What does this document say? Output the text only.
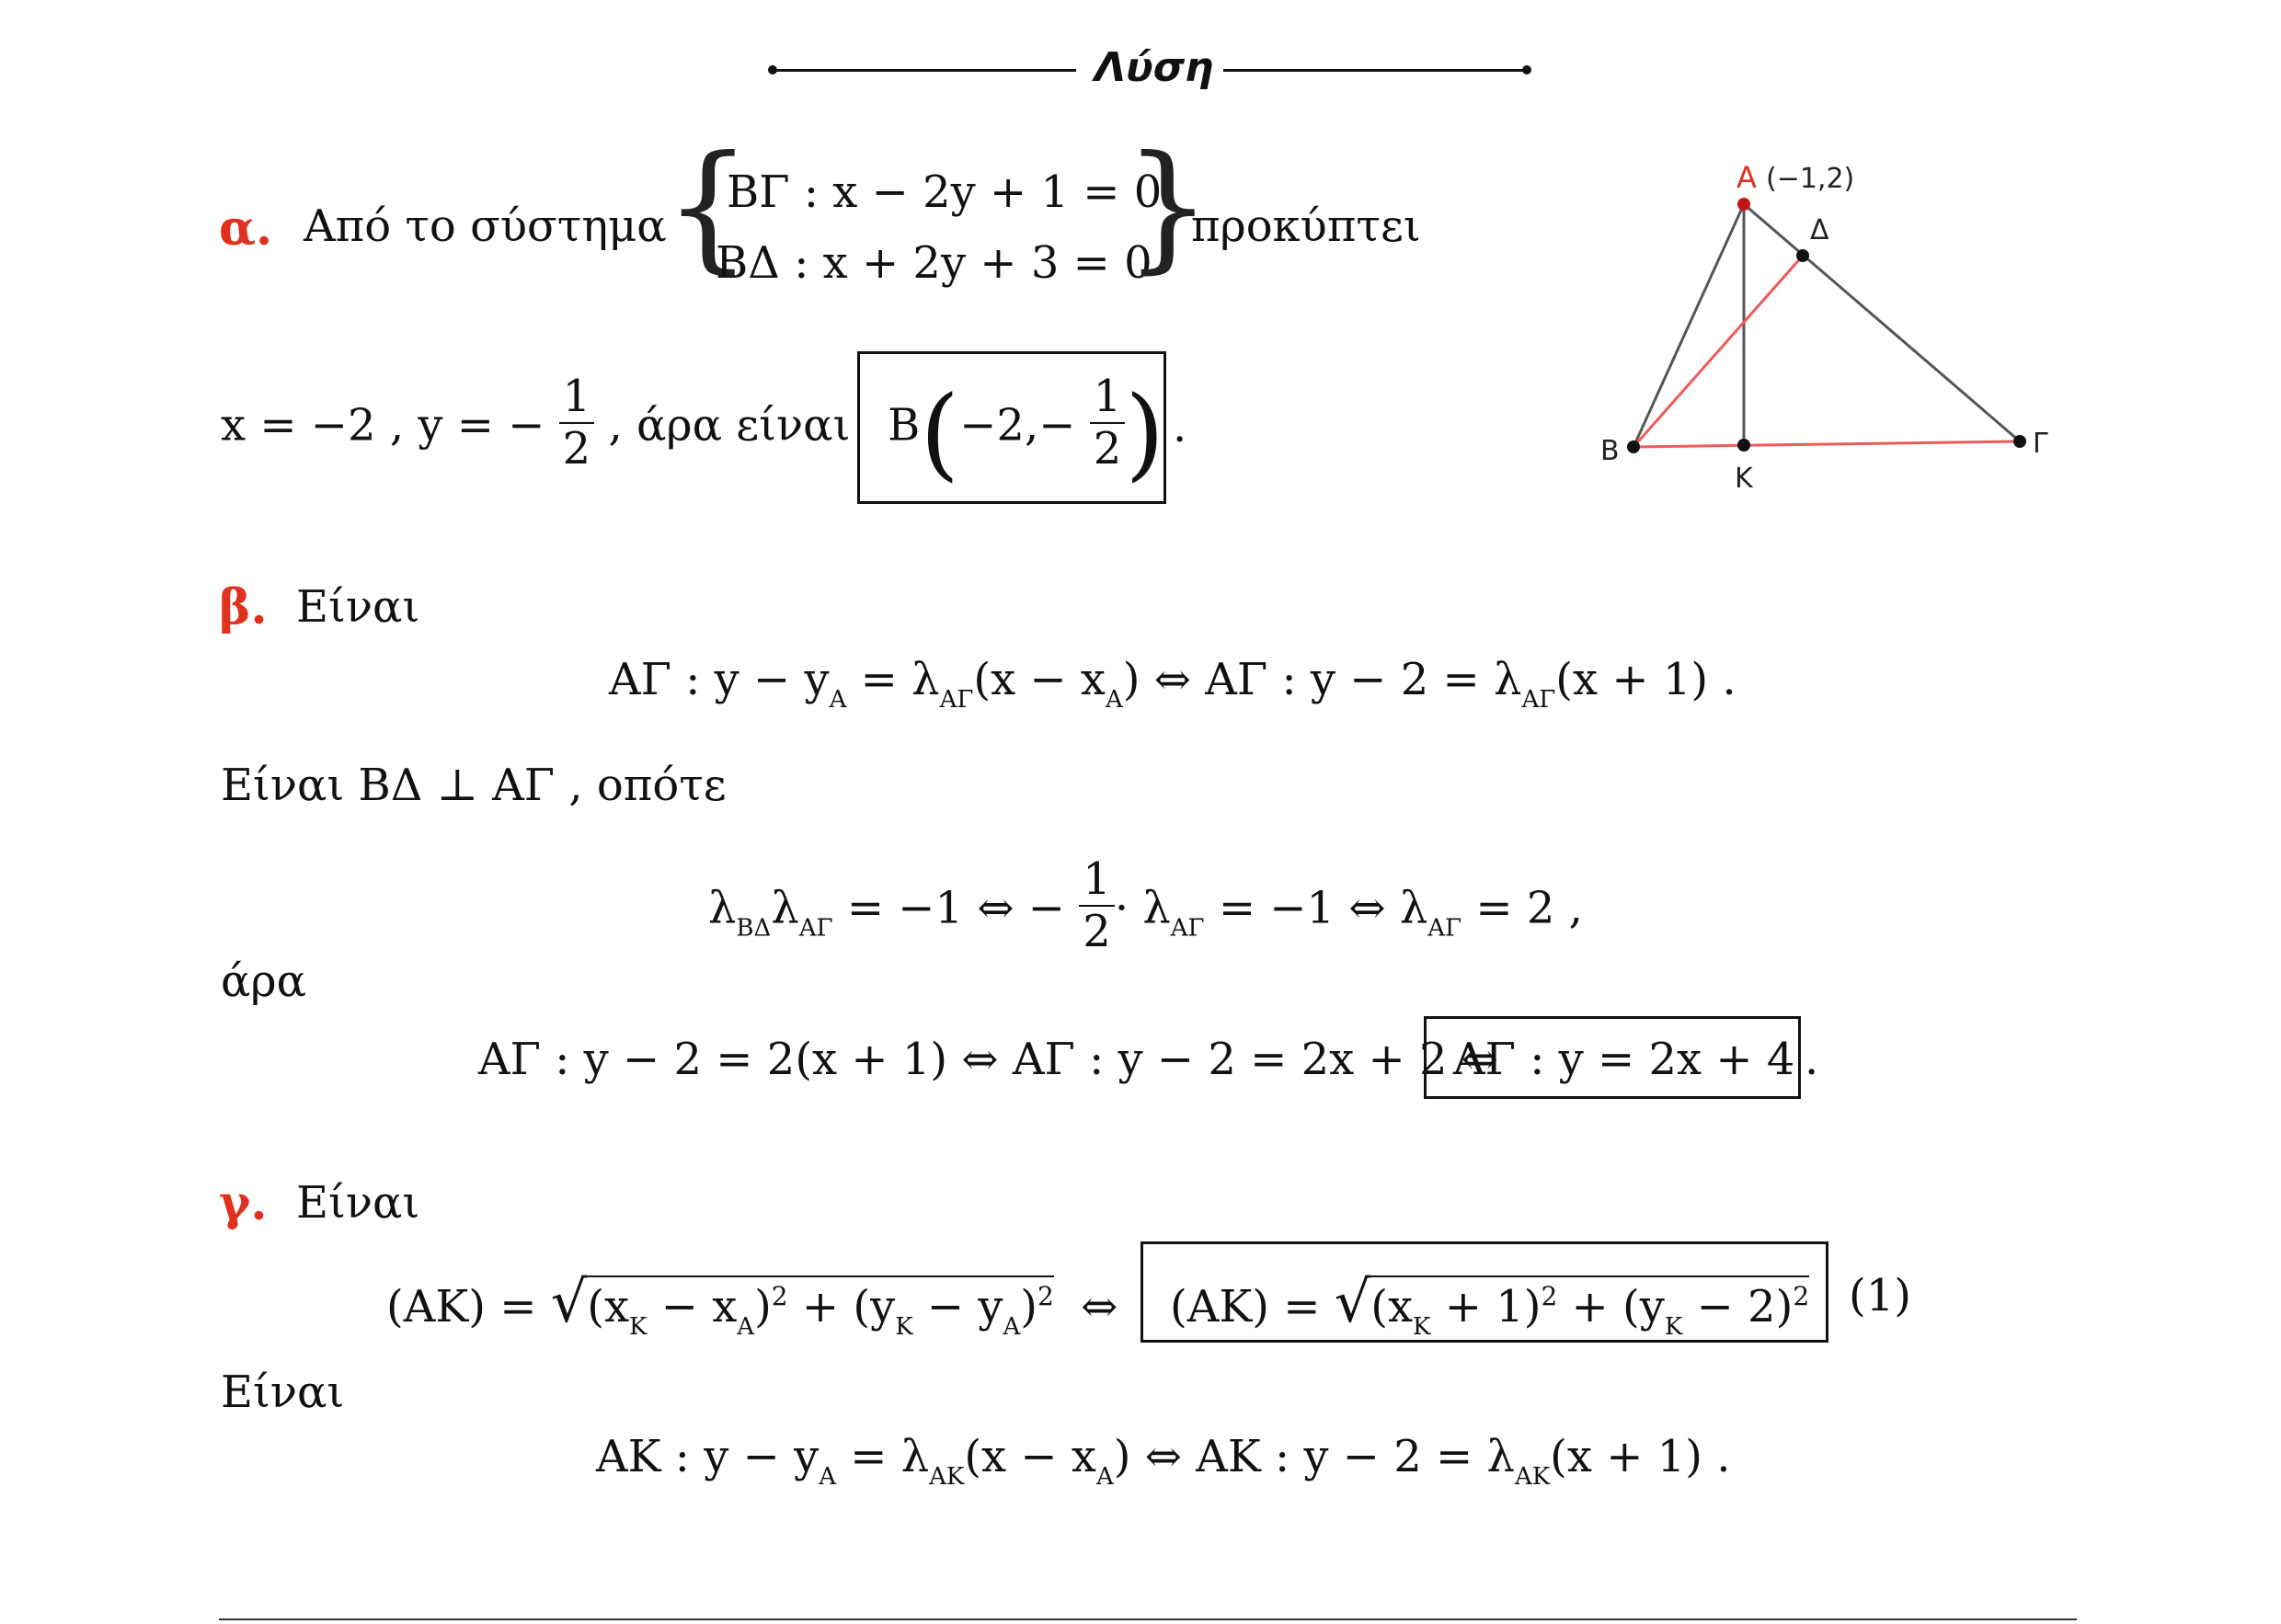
Λύση
α. Από το σύστημα
{
ΒΓ : x − 2y + 1 = 0
ΒΔ : x + 2y + 3 = 0
}
προκύπτει
x = −2 , y = − $\frac{1}{2}$ , άρα είναι $B(-2,- \frac{1}{2}$ ) .
Α (−1,2)
Δ
Β
Κ
Γ
β. Είναι
ΑΓ : $y - y_A = \lambda_{A\Gamma}(x - x_A)$ ⇔ ΑΓ : $y - 2 = \lambda_{A\Gamma}(x + 1)$ .
Είναι ΒΔ ⊥ ΑΓ , οπότε
$\lambda_{B\Delta}\lambda_{A\Gamma} = -1$ ⇔ − $\frac{1}{2} \cdot \lambda_{A\Gamma} = -1$ ⇔ $\lambda_{A\Gamma} = 2$ ,
άρα
ΑΓ : y − 2 = 2(x + 1) ⇔ ΑΓ : y − 2 = 2x + 2 ⇔
ΑΓ : y = 2x + 4 .
γ. Είναι
$(AK) = √(x_K - x_A)^2 + (y_K - y_A)^2$ ⇔ $(AK) = √(x_K + 1)^2 + (y_K - 2)^2$ (1)
Είναι
ΑΚ : $y - y_A = \lambda_{AK}(x - x_A)$ ⇔ ΑΚ : $y - 2 = \lambda_{AK}(x + 1)$ .
